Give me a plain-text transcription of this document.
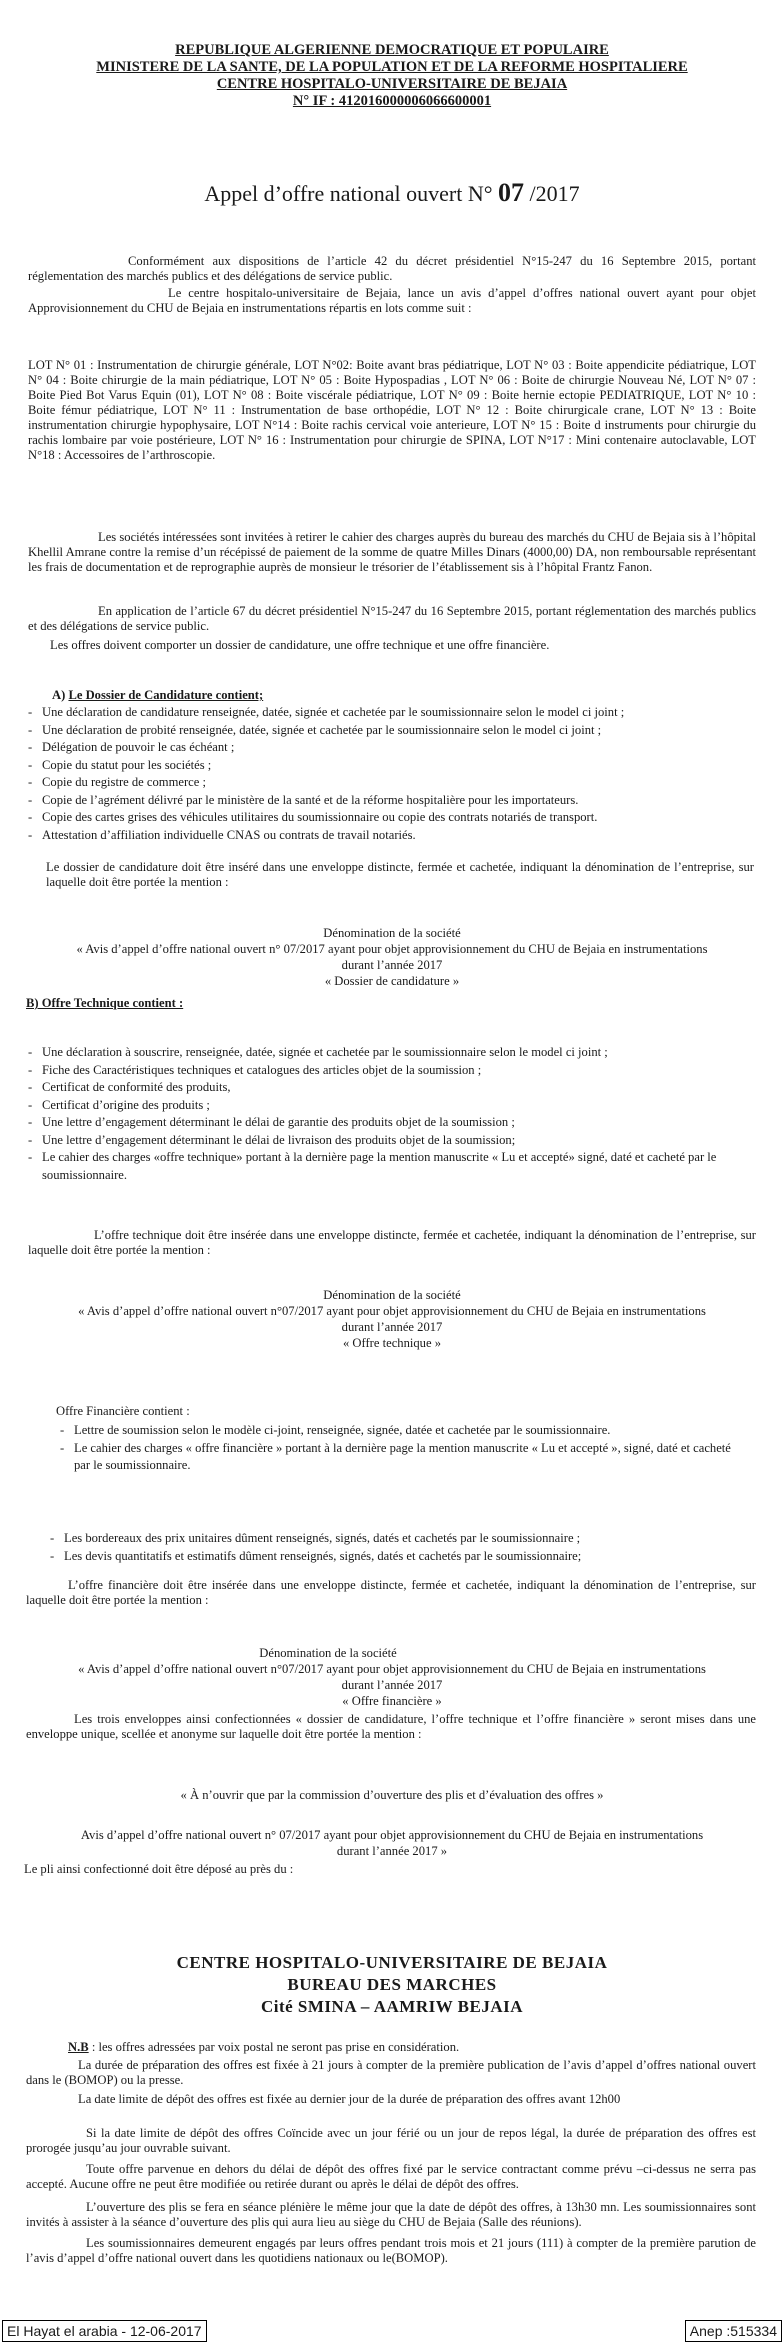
REPUBLIQUE ALGERIENNE DEMOCRATIQUE ET POPULAIRE
MINISTERE DE LA SANTE, DE LA POPULATION ET DE LA REFORME HOSPITALIERE
CENTRE HOSPITALO-UNIVERSITAIRE DE BEJAIA
N° IF : 412016000006066600001
Appel d’offre national ouvert N° 07 /2017
Conformément aux dispositions de l’article 42 du décret présidentiel N°15-247 du 16 Septembre 2015, portant réglementation des marchés publics et des délégations de service public.
Le centre hospitalo-universitaire de Bejaia, lance un avis d’appel d’offres national ouvert ayant pour objet Approvisionnement du CHU de Bejaia en instrumentations répartis en lots comme suit :
LOT N° 01 : Instrumentation de chirurgie générale, LOT N°02: Boite avant bras pédiatrique, LOT N° 03 : Boite appendicite pédiatrique, LOT N° 04 : Boite chirurgie de la main pédiatrique, LOT N° 05 : Boite Hypospadias , LOT N° 06 : Boite de chirurgie Nouveau Né, LOT N° 07 : Boite Pied Bot Varus Equin (01), LOT N° 08 : Boite viscérale pédiatrique, LOT N° 09 : Boite hernie ectopie PEDIATRIQUE, LOT N° 10 : Boite fémur pédiatrique, LOT N° 11 : Instrumentation de base orthopédie, LOT N° 12 : Boite chirurgicale crane, LOT N° 13 : Boite instrumentation chirurgie hypophysaire, LOT N°14 : Boite rachis cervical voie anterieure, LOT N° 15 : Boite d instruments pour chirurgie du rachis lombaire par voie postérieure, LOT N° 16 : Instrumentation pour chirurgie de SPINA, LOT N°17 : Mini contenaire autoclavable, LOT N°18 : Accessoires de l’arthroscopie.
Les sociétés intéressées sont invitées à retirer le cahier des charges auprès du bureau des marchés du CHU de Bejaia sis à l’hôpital Khellil Amrane contre la remise d’un récépissé de paiement de la somme de quatre Milles Dinars (4000,00) DA, non remboursable représentant les frais de documentation et de reprographie auprès de monsieur le trésorier de l’établissement sis à l’hôpital Frantz Fanon.
En application de l’article 67 du décret présidentiel N°15-247 du 16 Septembre 2015, portant réglementation des marchés publics et des délégations de service public.
Les offres doivent comporter un dossier de candidature, une offre technique et une offre financière.
A) Le Dossier de Candidature contient;
- Une déclaration de candidature renseignée, datée, signée et cachetée par le soumissionnaire selon le model ci joint ;
- Une déclaration de probité renseignée, datée, signée et cachetée par le soumissionnaire selon le model ci joint ;
- Délégation de pouvoir le cas échéant ;
- Copie du statut pour les sociétés ;
- Copie du registre de commerce ;
- Copie de l’agrément délivré par le ministère de la santé et de la réforme hospitalière pour les importateurs.
- Copie des cartes grises des véhicules utilitaires du soumissionnaire ou copie des contrats notariés de transport.
- Attestation d’affiliation individuelle CNAS ou contrats de travail notariés.
Le dossier de candidature doit être inséré dans une enveloppe distincte, fermée et cachetée, indiquant la dénomination de l’entreprise, sur laquelle doit être portée la mention :
Dénomination de la société
« Avis d’appel d’offre national ouvert n° 07/2017 ayant pour objet approvisionnement du CHU de Bejaia en instrumentations
durant l’année 2017
« Dossier de candidature »
B) Offre Technique contient :
- Une déclaration à souscrire, renseignée, datée, signée et cachetée par le soumissionnaire selon le model ci joint ;
- Fiche des Caractéristiques techniques et catalogues des articles objet de la soumission ;
- Certificat de conformité des produits,
- Certificat d’origine des produits ;
- Une lettre d’engagement déterminant le délai de garantie des produits objet de la soumission ;
- Une lettre d’engagement déterminant le délai de livraison des produits objet de la soumission;
- Le cahier des charges «offre technique» portant à la dernière page la mention manuscrite « Lu et accepté» signé, daté et cacheté par le soumissionnaire.
L’offre technique doit être insérée dans une enveloppe distincte, fermée et cachetée, indiquant la dénomination de l’entreprise, sur laquelle doit être portée la mention :
Dénomination de la société
« Avis d’appel d’offre national ouvert n°07/2017 ayant pour objet approvisionnement du CHU de Bejaia en instrumentations
durant l’année 2017
« Offre technique »
Offre Financière contient :
- Lettre de soumission selon le modèle ci-joint, renseignée, signée, datée et cachetée par le soumissionnaire.
- Le cahier des charges « offre financière » portant à la dernière page la mention manuscrite « Lu et accepté », signé, daté et cacheté par le soumissionnaire.
- Les bordereaux des prix unitaires dûment renseignés, signés, datés et cachetés par le soumissionnaire ;
- Les devis quantitatifs et estimatifs dûment renseignés, signés, datés et cachetés par le soumissionnaire;
L’offre financière doit être insérée dans une enveloppe distincte, fermée et cachetée, indiquant la dénomination de l’entreprise, sur laquelle doit être portée la mention :
Dénomination de la société
« Avis d’appel d’offre national ouvert n°07/2017 ayant pour objet approvisionnement du CHU de Bejaia en instrumentations
durant l’année 2017
« Offre financière »
Les trois enveloppes ainsi confectionnées « dossier de candidature, l’offre technique et l’offre financière » seront mises dans une enveloppe unique, scellée et anonyme sur laquelle doit être portée la mention :
« À n’ouvrir que par la commission d’ouverture des plis et d’évaluation des offres »
Avis d’appel d’offre national ouvert n° 07/2017 ayant pour objet approvisionnement du CHU de Bejaia en instrumentations
durant l’année 2017 »
Le pli ainsi confectionné doit être déposé au près du :
CENTRE HOSPITALO-UNIVERSITAIRE DE BEJAIA
BUREAU DES MARCHES
Cité SMINA – AAMRIW BEJAIA
N.B : les offres adressées par voix postal ne seront pas prise en considération.
La durée de préparation des offres est fixée à 21 jours à compter de la première publication de l’avis d’appel d’offres national ouvert dans le (BOMOP) ou la presse.
La date limite de dépôt des offres est fixée au dernier jour de la durée de préparation des offres avant 12h00
Si la date limite de dépôt des offres Coïncide avec un jour férié ou un jour de repos légal, la durée de préparation des offres est prorogée jusqu’au jour ouvrable suivant.
Toute offre parvenue en dehors du délai de dépôt des offres fixé par le service contractant comme prévu –ci-dessus ne serra pas accepté. Aucune offre ne peut être modifiée ou retirée durant ou après le délai de dépôt des offres.
L’ouverture des plis se fera en séance plénière le même jour que la date de dépôt des offres, à 13h30 mn. Les soumissionnaires sont invités à assister à la séance d’ouverture des plis qui aura lieu au siège du CHU de Bejaia (Salle des réunions).
Les soumissionnaires demeurent engagés par leurs offres pendant trois mois et 21 jours (111) à compter de la première parution de l’avis d’appel d’offre national ouvert dans les quotidiens nationaux ou le(BOMOP).
El Hayat el arabia - 12-06-2017	Anep :515334
